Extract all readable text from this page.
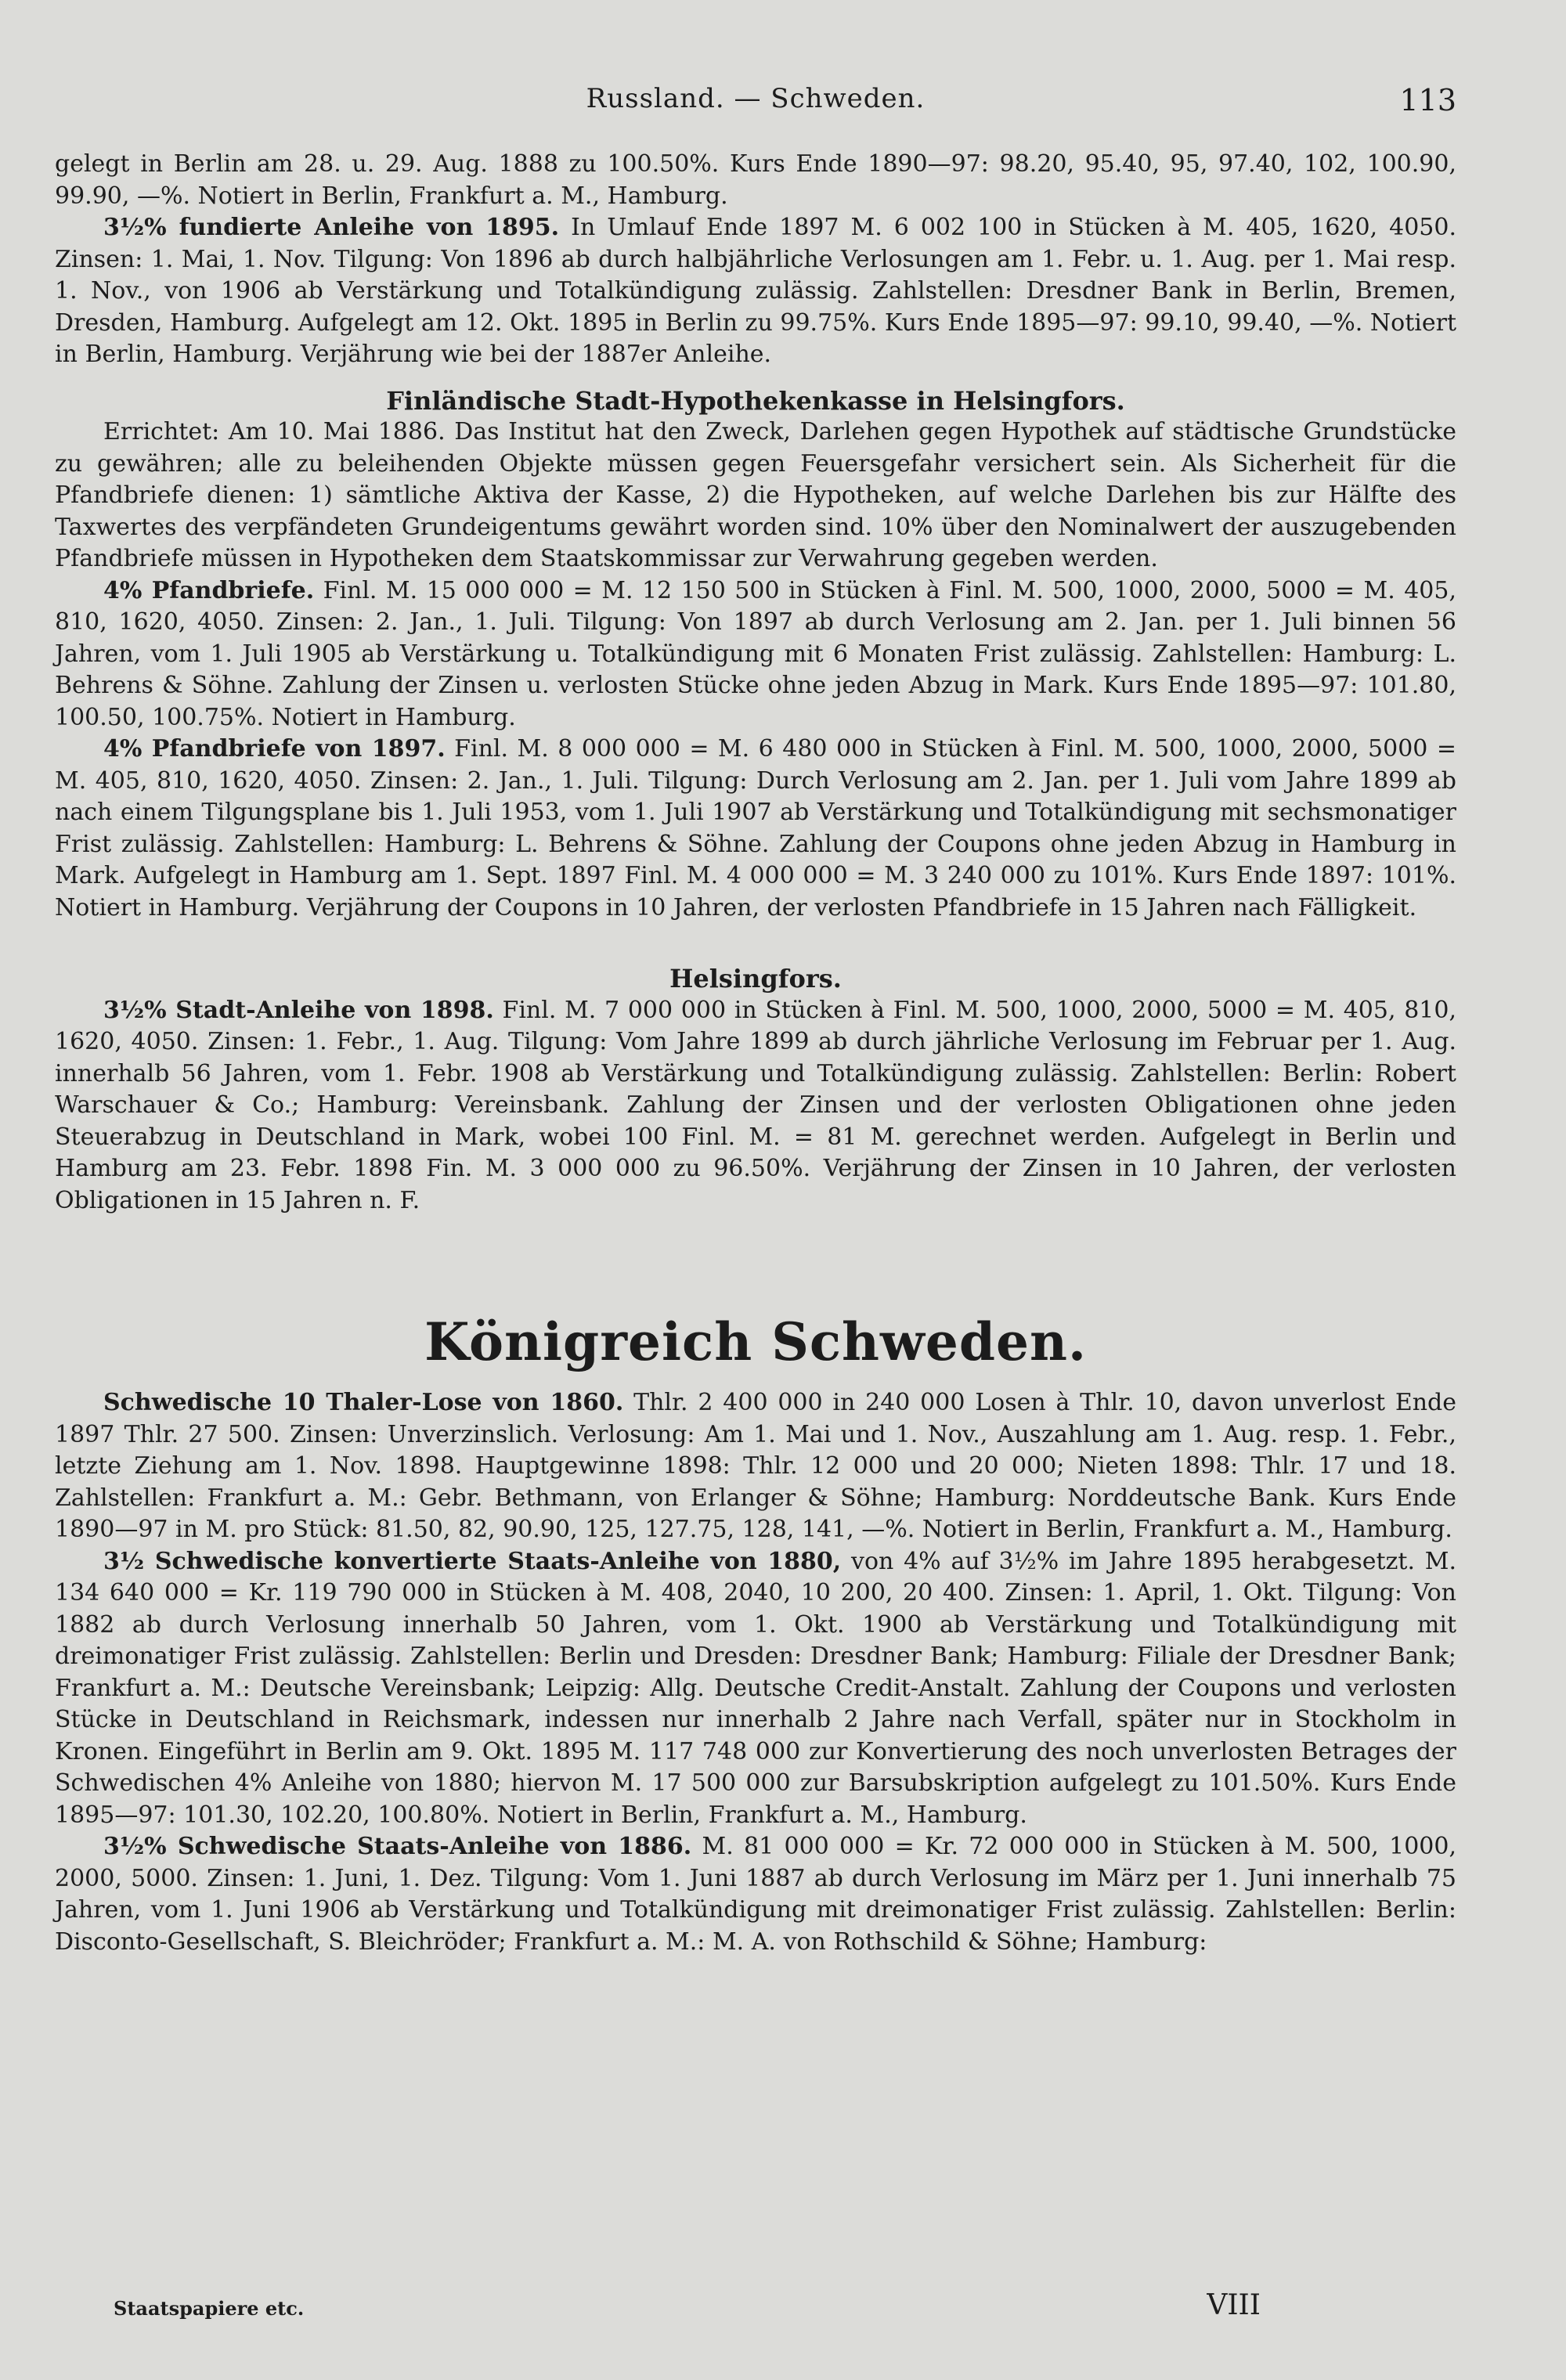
Russland. — Schweden.	113

gelegt in Berlin am 28. u. 29. Aug. 1888 zu 100.50%. Kurs Ende 1890—97: 98.20, 95.40, 95, 97.40, 102, 100.90, 99.90, —%. Notiert in Berlin, Frankfurt a. M., Hamburg.

3½% fundierte Anleihe von 1895. In Umlauf Ende 1897 M. 6 002 100 in Stücken à M. 405, 1620, 4050. Zinsen: 1. Mai, 1. Nov. Tilgung: Von 1896 ab durch halbjährliche Verlosungen am 1. Febr. u. 1. Aug. per 1. Mai resp. 1. Nov., von 1906 ab Verstärkung und Totalkündigung zulässig. Zahlstellen: Dresdner Bank in Berlin, Bremen, Dresden, Hamburg. Aufgelegt am 12. Okt. 1895 in Berlin zu 99.75%. Kurs Ende 1895—97: 99.10, 99.40, —%. Notiert in Berlin, Hamburg. Verjährung wie bei der 1887er Anleihe.

Finländische Stadt-Hypothekenkasse in Helsingfors.

Errichtet: Am 10. Mai 1886. Das Institut hat den Zweck, Darlehen gegen Hypothek auf städtische Grundstücke zu gewähren; alle zu beleihenden Objekte müssen gegen Feuersgefahr versichert sein. Als Sicherheit für die Pfandbriefe dienen: 1) sämtliche Aktiva der Kasse, 2) die Hypotheken, auf welche Darlehen bis zur Hälfte des Taxwertes des verpfändeten Grundeigentums gewährt worden sind. 10% über den Nominalwert der auszugebenden Pfandbriefe müssen in Hypotheken dem Staatskommissar zur Verwahrung gegeben werden.

4% Pfandbriefe. Finl. M. 15 000 000 = M. 12 150 500 in Stücken à Finl. M. 500, 1000, 2000, 5000 = M. 405, 810, 1620, 4050. Zinsen: 2. Jan., 1. Juli. Tilgung: Von 1897 ab durch Verlosung am 2. Jan. per 1. Juli binnen 56 Jahren, vom 1. Juli 1905 ab Verstärkung u. Totalkündigung mit 6 Monaten Frist zulässig. Zahlstellen: Hamburg: L. Behrens & Söhne. Zahlung der Zinsen u. verlosten Stücke ohne jeden Abzug in Mark. Kurs Ende 1895—97: 101.80, 100.50, 100.75%. Notiert in Hamburg.

4% Pfandbriefe von 1897. Finl. M. 8 000 000 = M. 6 480 000 in Stücken à Finl. M. 500, 1000, 2000, 5000 = M. 405, 810, 1620, 4050. Zinsen: 2. Jan., 1. Juli. Tilgung: Durch Verlosung am 2. Jan. per 1. Juli vom Jahre 1899 ab nach einem Tilgungsplane bis 1. Juli 1953, vom 1. Juli 1907 ab Verstärkung und Totalkündigung mit sechsmonatiger Frist zulässig. Zahlstellen: Hamburg: L. Behrens & Söhne. Zahlung der Coupons ohne jeden Abzug in Hamburg in Mark. Aufgelegt in Hamburg am 1. Sept. 1897 Finl. M. 4 000 000 = M. 3 240 000 zu 101%. Kurs Ende 1897: 101%. Notiert in Hamburg. Verjährung der Coupons in 10 Jahren, der verlosten Pfandbriefe in 15 Jahren nach Fälligkeit.

Helsingfors.

3½% Stadt-Anleihe von 1898. Finl. M. 7 000 000 in Stücken à Finl. M. 500, 1000, 2000, 5000 = M. 405, 810, 1620, 4050. Zinsen: 1. Febr., 1. Aug. Tilgung: Vom Jahre 1899 ab durch jährliche Verlosung im Februar per 1. Aug. innerhalb 56 Jahren, vom 1. Febr. 1908 ab Verstärkung und Totalkündigung zulässig. Zahlstellen: Berlin: Robert Warschauer & Co.; Hamburg: Vereinsbank. Zahlung der Zinsen und der verlosten Obligationen ohne jeden Steuerabzug in Deutschland in Mark, wobei 100 Finl. M. = 81 M. gerechnet werden. Aufgelegt in Berlin und Hamburg am 23. Febr. 1898 Fin. M. 3 000 000 zu 96.50%. Verjährung der Zinsen in 10 Jahren, der verlosten Obligationen in 15 Jahren n. F.

Königreich Schweden.

Schwedische 10 Thaler-Lose von 1860. Thlr. 2 400 000 in 240 000 Losen à Thlr. 10, davon unverlost Ende 1897 Thlr. 27 500. Zinsen: Unverzinslich. Verlosung: Am 1. Mai und 1. Nov., Auszahlung am 1. Aug. resp. 1. Febr., letzte Ziehung am 1. Nov. 1898. Hauptgewinne 1898: Thlr. 12 000 und 20 000; Nieten 1898: Thlr. 17 und 18. Zahlstellen: Frankfurt a. M.: Gebr. Bethmann, von Erlanger & Söhne; Hamburg: Norddeutsche Bank. Kurs Ende 1890—97 in M. pro Stück: 81.50, 82, 90.90, 125, 127.75, 128, 141, —%. Notiert in Berlin, Frankfurt a. M., Hamburg.

3½ Schwedische konvertierte Staats-Anleihe von 1880, von 4% auf 3½% im Jahre 1895 herabgesetzt. M. 134 640 000 = Kr. 119 790 000 in Stücken à M. 408, 2040, 10 200, 20 400. Zinsen: 1. April, 1. Okt. Tilgung: Von 1882 ab durch Verlosung innerhalb 50 Jahren, vom 1. Okt. 1900 ab Verstärkung und Totalkündigung mit dreimonatiger Frist zulässig. Zahlstellen: Berlin und Dresden: Dresdner Bank; Hamburg: Filiale der Dresdner Bank; Frankfurt a. M.: Deutsche Vereinsbank; Leipzig: Allg. Deutsche Credit-Anstalt. Zahlung der Coupons und verlosten Stücke in Deutschland in Reichsmark, indessen nur innerhalb 2 Jahre nach Verfall, später nur in Stockholm in Kronen. Eingeführt in Berlin am 9. Okt. 1895 M. 117 748 000 zur Konvertierung des noch unverlosten Betrages der Schwedischen 4% Anleihe von 1880; hiervon M. 17 500 000 zur Barsubskription aufgelegt zu 101.50%. Kurs Ende 1895—97: 101.30, 102.20, 100.80%. Notiert in Berlin, Frankfurt a. M., Hamburg.

3½% Schwedische Staats-Anleihe von 1886. M. 81 000 000 = Kr. 72 000 000 in Stücken à M. 500, 1000, 2000, 5000. Zinsen: 1. Juni, 1. Dez. Tilgung: Vom 1. Juni 1887 ab durch Verlosung im März per 1. Juni innerhalb 75 Jahren, vom 1. Juni 1906 ab Verstärkung und Totalkündigung mit dreimonatiger Frist zulässig. Zahlstellen: Berlin: Disconto-Gesellschaft, S. Bleichröder; Frankfurt a. M.: M. A. von Rothschild & Söhne; Hamburg:

Staatspapiere etc.	VIII
